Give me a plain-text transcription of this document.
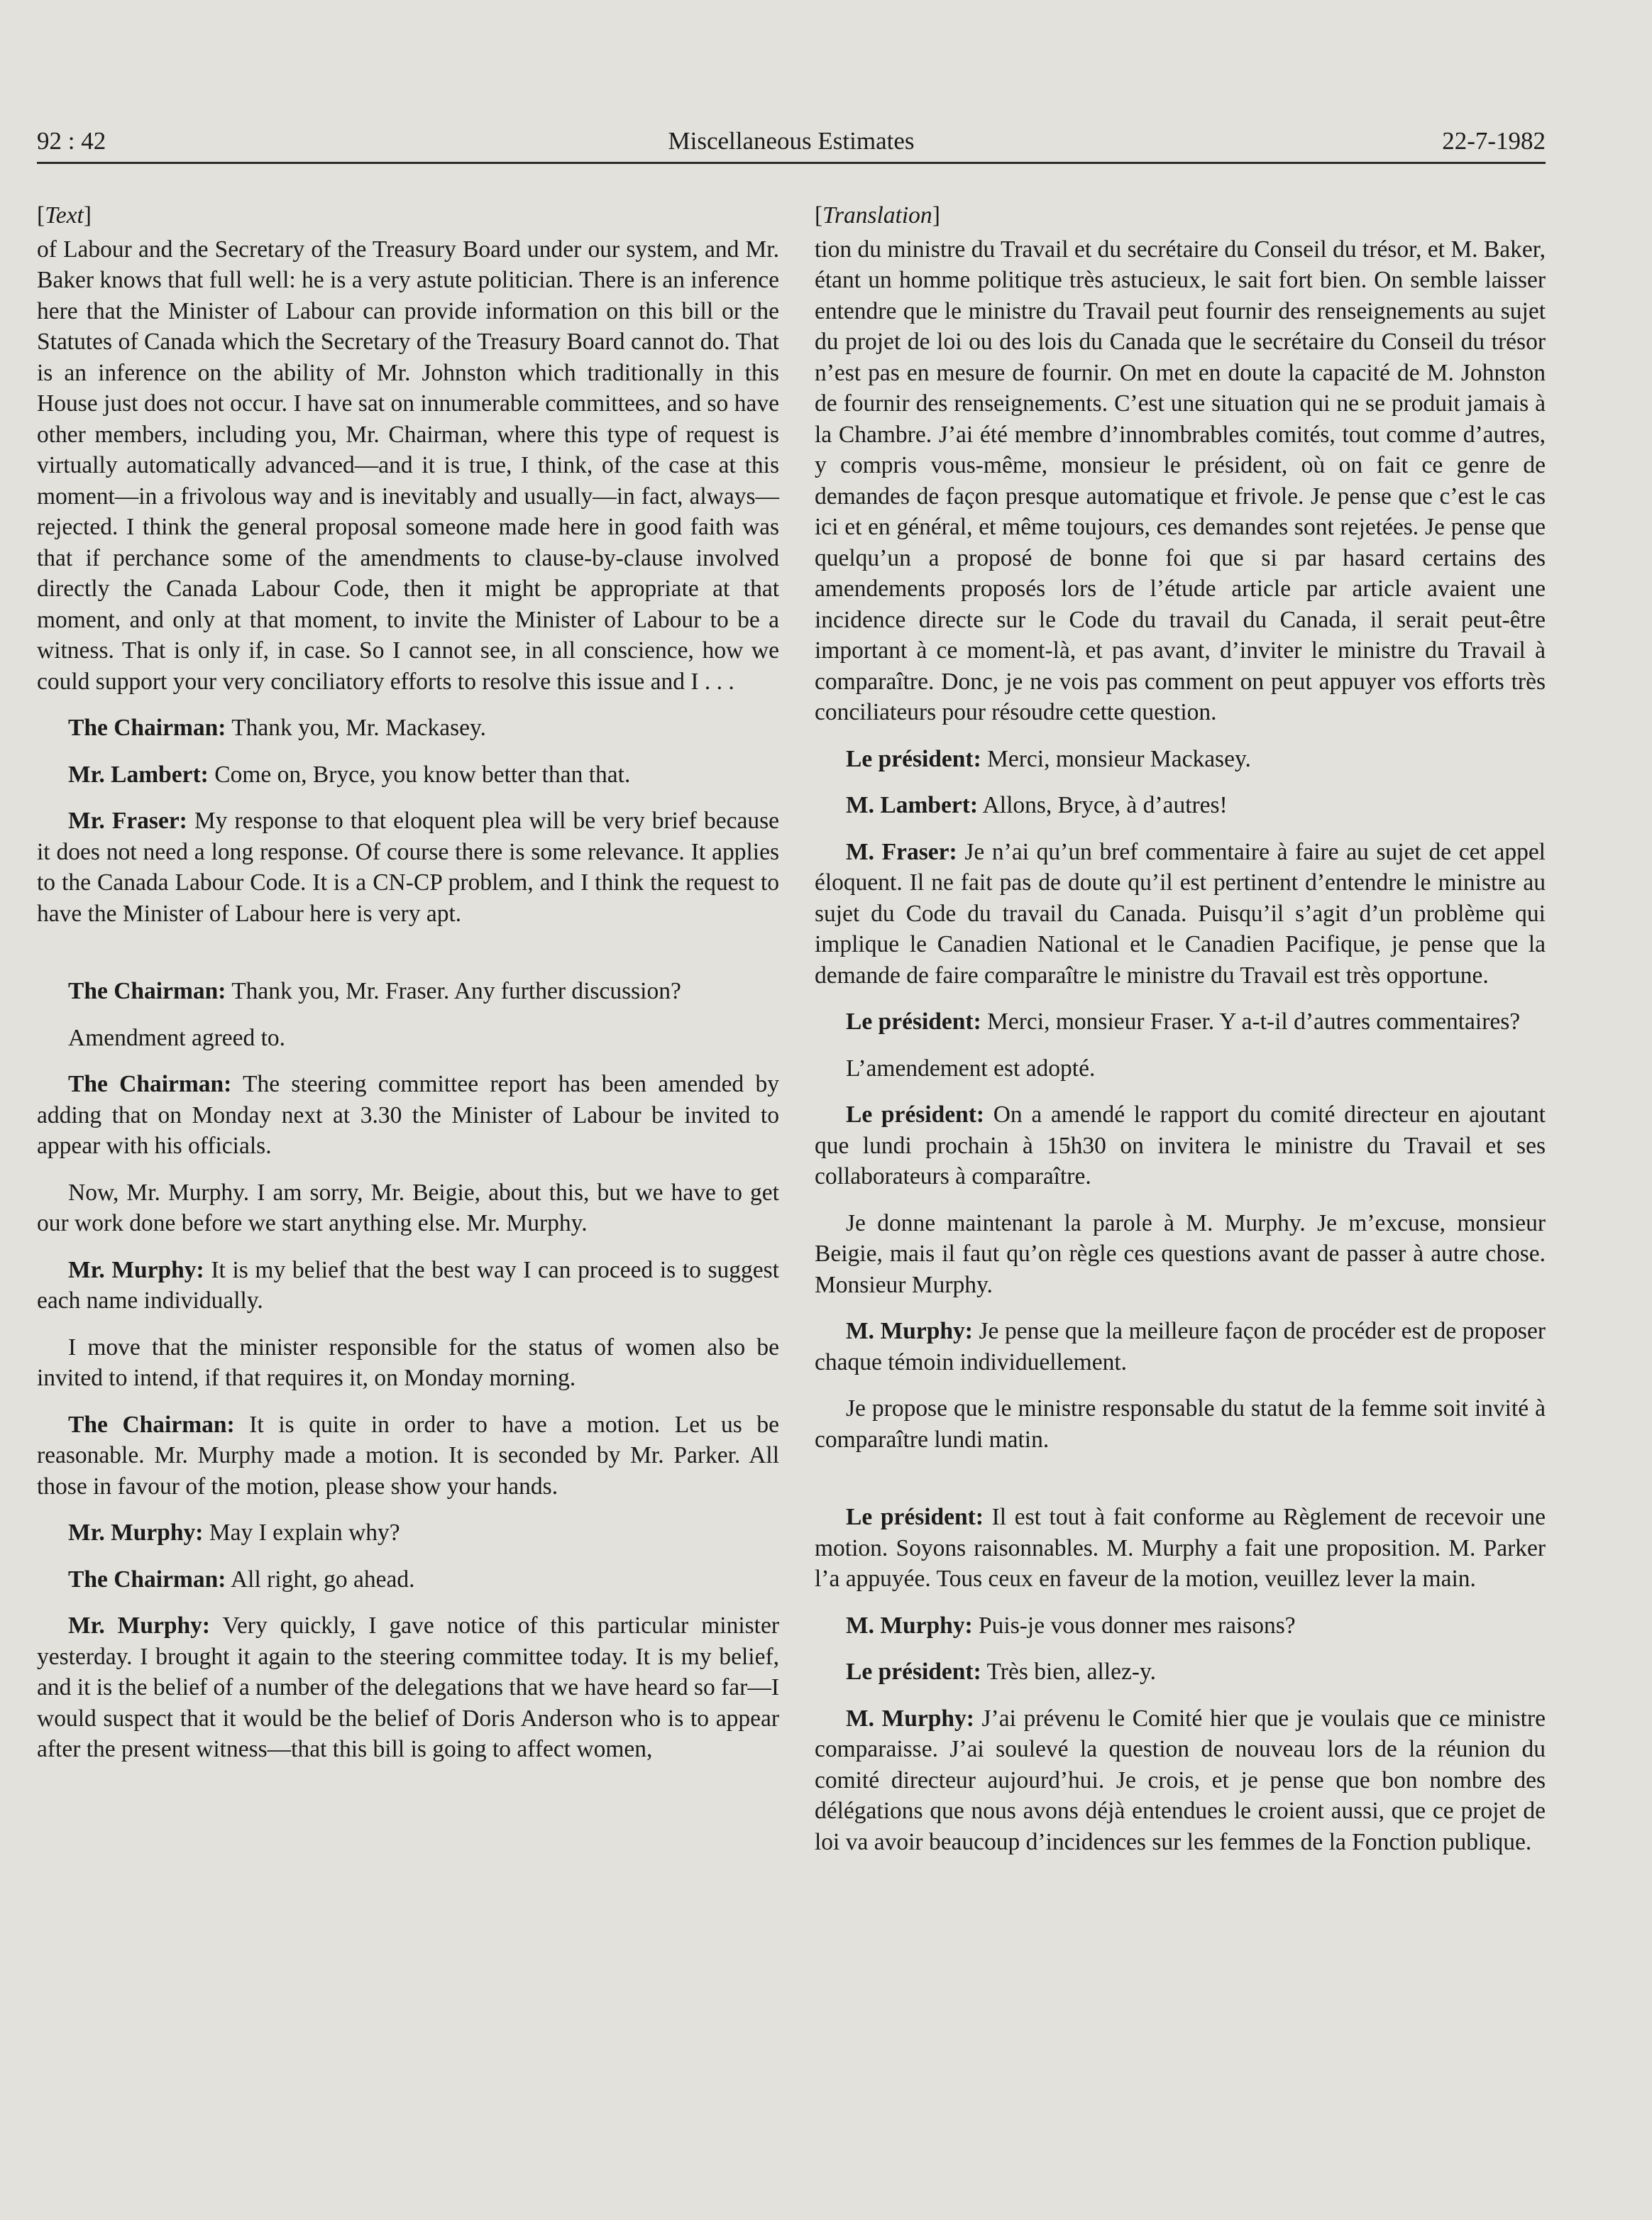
92 : 42	Miscellaneous Estimates	22-7-1982
[Text]

of Labour and the Secretary of the Treasury Board under our system, and Mr. Baker knows that full well: he is a very astute politician. There is an inference here that the Minister of Labour can provide information on this bill or the Statutes of Canada which the Secretary of the Treasury Board cannot do. That is an inference on the ability of Mr. Johnston which traditionally in this House just does not occur. I have sat on innumerable committees, and so have other members, including you, Mr. Chairman, where this type of request is virtually automatically advanced—and it is true, I think, of the case at this moment—in a frivolous way and is inevitably and usually—in fact, always—rejected. I think the general proposal someone made here in good faith was that if perchance some of the amendments to clause-by-clause involved directly the Canada Labour Code, then it might be appropriate at that moment, and only at that moment, to invite the Minister of Labour to be a witness. That is only if, in case. So I cannot see, in all conscience, how we could support your very conciliatory efforts to resolve this issue and I . . .

The Chairman: Thank you, Mr. Mackasey.

Mr. Lambert: Come on, Bryce, you know better than that.

Mr. Fraser: My response to that eloquent plea will be very brief because it does not need a long response. Of course there is some relevance. It applies to the Canada Labour Code. It is a CN-CP problem, and I think the request to have the Minister of Labour here is very apt.

The Chairman: Thank you, Mr. Fraser. Any further discussion?

Amendment agreed to.

The Chairman: The steering committee report has been amended by adding that on Monday next at 3.30 the Minister of Labour be invited to appear with his officials.

Now, Mr. Murphy. I am sorry, Mr. Beigie, about this, but we have to get our work done before we start anything else. Mr. Murphy.

Mr. Murphy: It is my belief that the best way I can proceed is to suggest each name individually.

I move that the minister responsible for the status of women also be invited to intend, if that requires it, on Monday morning.

The Chairman: It is quite in order to have a motion. Let us be reasonable. Mr. Murphy made a motion. It is seconded by Mr. Parker. All those in favour of the motion, please show your hands.

Mr. Murphy: May I explain why?

The Chairman: All right, go ahead.

Mr. Murphy: Very quickly, I gave notice of this particular minister yesterday. I brought it again to the steering committee today. It is my belief, and it is the belief of a number of the delegations that we have heard so far—I would suspect that it would be the belief of Doris Anderson who is to appear after the present witness—that this bill is going to affect women,

[Translation]

tion du ministre du Travail et du secrétaire du Conseil du trésor, et M. Baker, étant un homme politique très astucieux, le sait fort bien. On semble laisser entendre que le ministre du Travail peut fournir des renseignements au sujet du projet de loi ou des lois du Canada que le secrétaire du Conseil du trésor n’est pas en mesure de fournir. On met en doute la capacité de M. Johnston de fournir des renseignements. C’est une situation qui ne se produit jamais à la Chambre. J’ai été membre d’innombrables comités, tout comme d’autres, y compris vous-même, monsieur le président, où on fait ce genre de demandes de façon presque automatique et frivole. Je pense que c’est le cas ici et en général, et même toujours, ces demandes sont rejetées. Je pense que quelqu’un a proposé de bonne foi que si par hasard certains des amendements proposés lors de l’étude article par article avaient une incidence directe sur le Code du travail du Canada, il serait peut-être important à ce moment-là, et pas avant, d’inviter le ministre du Travail à comparaître. Donc, je ne vois pas comment on peut appuyer vos efforts très conciliateurs pour résoudre cette question.

Le président: Merci, monsieur Mackasey.

M. Lambert: Allons, Bryce, à d’autres!

M. Fraser: Je n’ai qu’un bref commentaire à faire au sujet de cet appel éloquent. Il ne fait pas de doute qu’il est pertinent d’entendre le ministre au sujet du Code du travail du Canada. Puisqu’il s’agit d’un problème qui implique le Canadien National et le Canadien Pacifique, je pense que la demande de faire comparaître le ministre du Travail est très opportune.

Le président: Merci, monsieur Fraser. Y a-t-il d’autres commentaires?

L’amendement est adopté.

Le président: On a amendé le rapport du comité directeur en ajoutant que lundi prochain à 15h30 on invitera le ministre du Travail et ses collaborateurs à comparaître.

Je donne maintenant la parole à M. Murphy. Je m’excuse, monsieur Beigie, mais il faut qu’on règle ces questions avant de passer à autre chose. Monsieur Murphy.

M. Murphy: Je pense que la meilleure façon de procéder est de proposer chaque témoin individuellement.

Je propose que le ministre responsable du statut de la femme soit invité à comparaître lundi matin.

Le président: Il est tout à fait conforme au Règlement de recevoir une motion. Soyons raisonnables. M. Murphy a fait une proposition. M. Parker l’a appuyée. Tous ceux en faveur de la motion, veuillez lever la main.

M. Murphy: Puis-je vous donner mes raisons?

Le président: Très bien, allez-y.

M. Murphy: J’ai prévenu le Comité hier que je voulais que ce ministre comparaisse. J’ai soulevé la question de nouveau lors de la réunion du comité directeur aujourd’hui. Je crois, et je pense que bon nombre des délégations que nous avons déjà entendues le croient aussi, que ce projet de loi va avoir beaucoup d’incidences sur les femmes de la Fonction publique.
